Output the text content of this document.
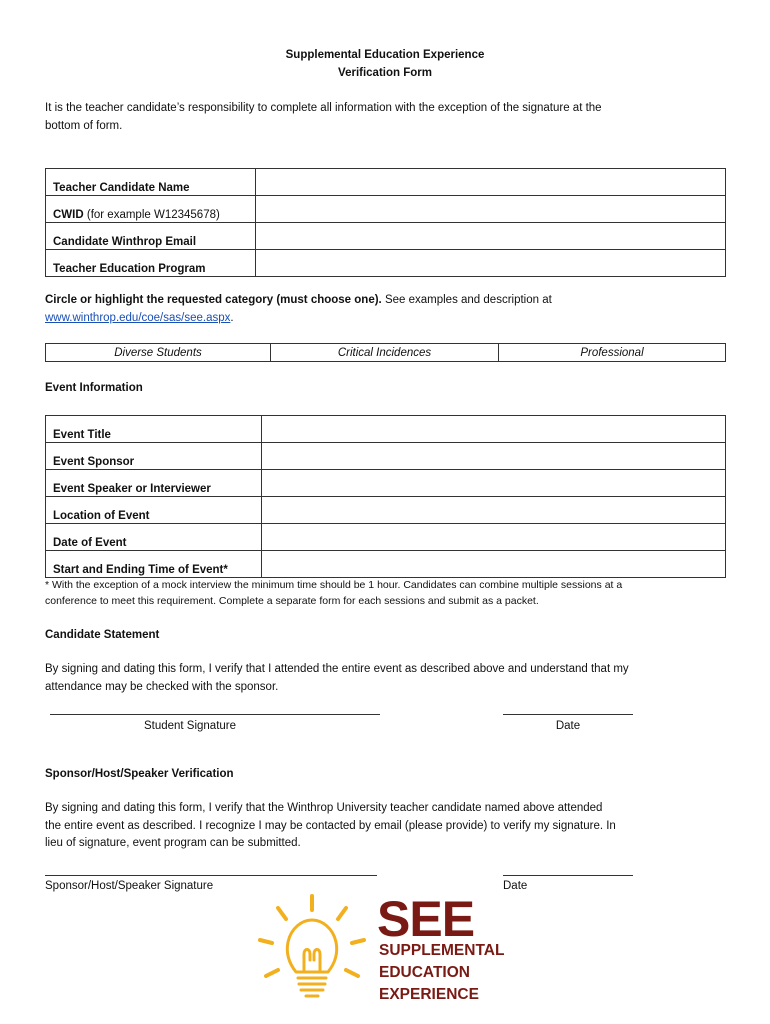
Supplemental Education Experience
Verification Form
It is the teacher candidate’s responsibility to complete all information with the exception of the signature at the
bottom of form.
Teacher Candidate Name	
CWID (for example W12345678)	
Candidate Winthrop Email	
Teacher Education Program	
Circle or highlight the requested category (must choose one). See examples and description at
www.winthrop.edu/coe/sas/see.aspx.
Diverse Students	Critical Incidences	Professional
Event Information
Event Title	
Event Sponsor	
Event Speaker or Interviewer	
Location of Event	
Date of Event	
Start and Ending Time of Event*	
* With the exception of a mock interview the minimum time should be 1 hour. Candidates can combine multiple sessions at a
conference to meet this requirement. Complete a separate form for each sessions and submit as a packet.
Candidate Statement
By signing and dating this form, I verify that I attended the entire event as described above and understand that my
attendance may be checked with the sponsor.
Student Signature	Date
Sponsor/Host/Speaker Verification
By signing and dating this form, I verify that the Winthrop University teacher candidate named above attended
the entire event as described. I recognize I may be contacted by email (please provide) to verify my signature. In
lieu of signature, event program can be submitted.
Sponsor/Host/Speaker Signature	Date
SEE
SUPPLEMENTAL
EDUCATION
EXPERIENCE
